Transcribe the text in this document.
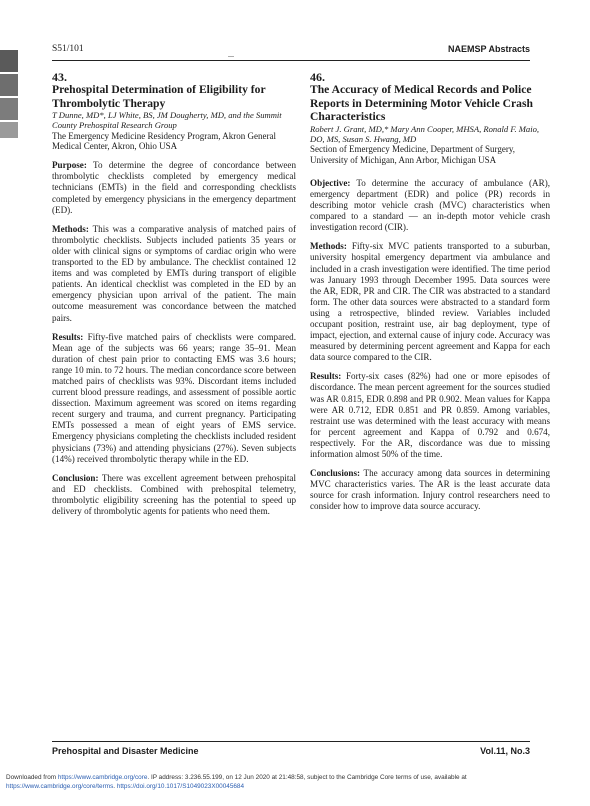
S51/101
...
NAEMSP Abstracts

43.

Prehospital Determination of Eligibility for Thrombolytic Therapy

T Dunne, MD*, LJ White, BS, JM Dougherty, MD, and the Summit County Prehospital Research Group

The Emergency Medicine Residency Program, Akron General Medical Center, Akron, Ohio USA

Purpose: To determine the degree of concordance between thrombolytic checklists completed by emergency medical technicians (EMTs) in the field and corresponding checklists completed by emergency physicians in the emergency department (ED).

Methods: This was a comparative analysis of matched pairs of thrombolytic checklists. Subjects included patients 35 years or older with clinical signs or symptoms of cardiac origin who were transported to the ED by ambulance. The checklist contained 12 items and was completed by EMTs during transport of eligible patients. An identical checklist was completed in the ED by an emergency physician upon arrival of the patient. The main outcome measurement was concordance between the matched pairs.

Results: Fifty-five matched pairs of checklists were compared. Mean age of the subjects was 66 years; range 35–91. Mean duration of chest pain prior to contacting EMS was 3.6 hours; range 10 min. to 72 hours. The median concordance score between matched pairs of checklists was 93%. Discordant items included current blood pressure readings, and assessment of possible aortic dissection. Maximum agreement was scored on items regarding recent surgery and trauma, and current pregnancy. Participating EMTs possessed a mean of eight years of EMS service. Emergency physicians completing the checklists included resident physicians (73%) and attending physicians (27%). Seven subjects (14%) received thrombolytic therapy while in the ED.

Conclusion: There was excellent agreement between prehospital and ED checklists. Combined with prehospital telemetry, thrombolytic eligibility screening has the potential to speed up delivery of thrombolytic agents for patients who need them.

46.

The Accuracy of Medical Records and Police Reports in Determining Motor Vehicle Crash Characteristics

Robert J. Grant, MD,* Mary Ann Cooper, MHSA, Ronald F. Maio, DO, MS, Susan S. Hwang, MD

Section of Emergency Medicine, Department of Surgery, University of Michigan, Ann Arbor, Michigan USA

Objective: To determine the accuracy of ambulance (AR), emergency department (EDR) and police (PR) records in describing motor vehicle crash (MVC) characteristics when compared to a standard — an in-depth motor vehicle crash investigation record (CIR).

Methods: Fifty-six MVC patients transported to a suburban, university hospital emergency department via ambulance and included in a crash investigation were identified. The time period was January 1993 through December 1995. Data sources were the AR, EDR, PR and CIR. The CIR was abstracted to a standard form. The other data sources were abstracted to a standard form using a retrospective, blinded review. Variables included occupant position, restraint use, air bag deployment, type of impact, ejection, and external cause of injury code. Accuracy was measured by determining percent agreement and Kappa for each data source compared to the CIR.

Results: Forty-six cases (82%) had one or more episodes of discordance. The mean percent agreement for the sources studied was AR 0.815, EDR 0.898 and PR 0.902. Mean values for Kappa were AR 0.712, EDR 0.851 and PR 0.859. Among variables, restraint use was determined with the least accuracy with means for percent agreement and Kappa of 0.792 and 0.674, respectively. For the AR, discordance was due to missing information almost 50% of the time.

Conclusions: The accuracy among data sources in determining MVC characteristics varies. The AR is the least accurate data source for crash information. Injury control researchers need to consider how to improve data source accuracy.

Prehospital and Disaster Medicine	Vol.11, No.3
Downloaded from https://www.cambridge.org/core. IP address: 3.236.55.199, on 12 Jun 2020 at 21:48:58, subject to the Cambridge Core terms of use, available at https://www.cambridge.org/core/terms. https://doi.org/10.1017/S1049023X00045684
